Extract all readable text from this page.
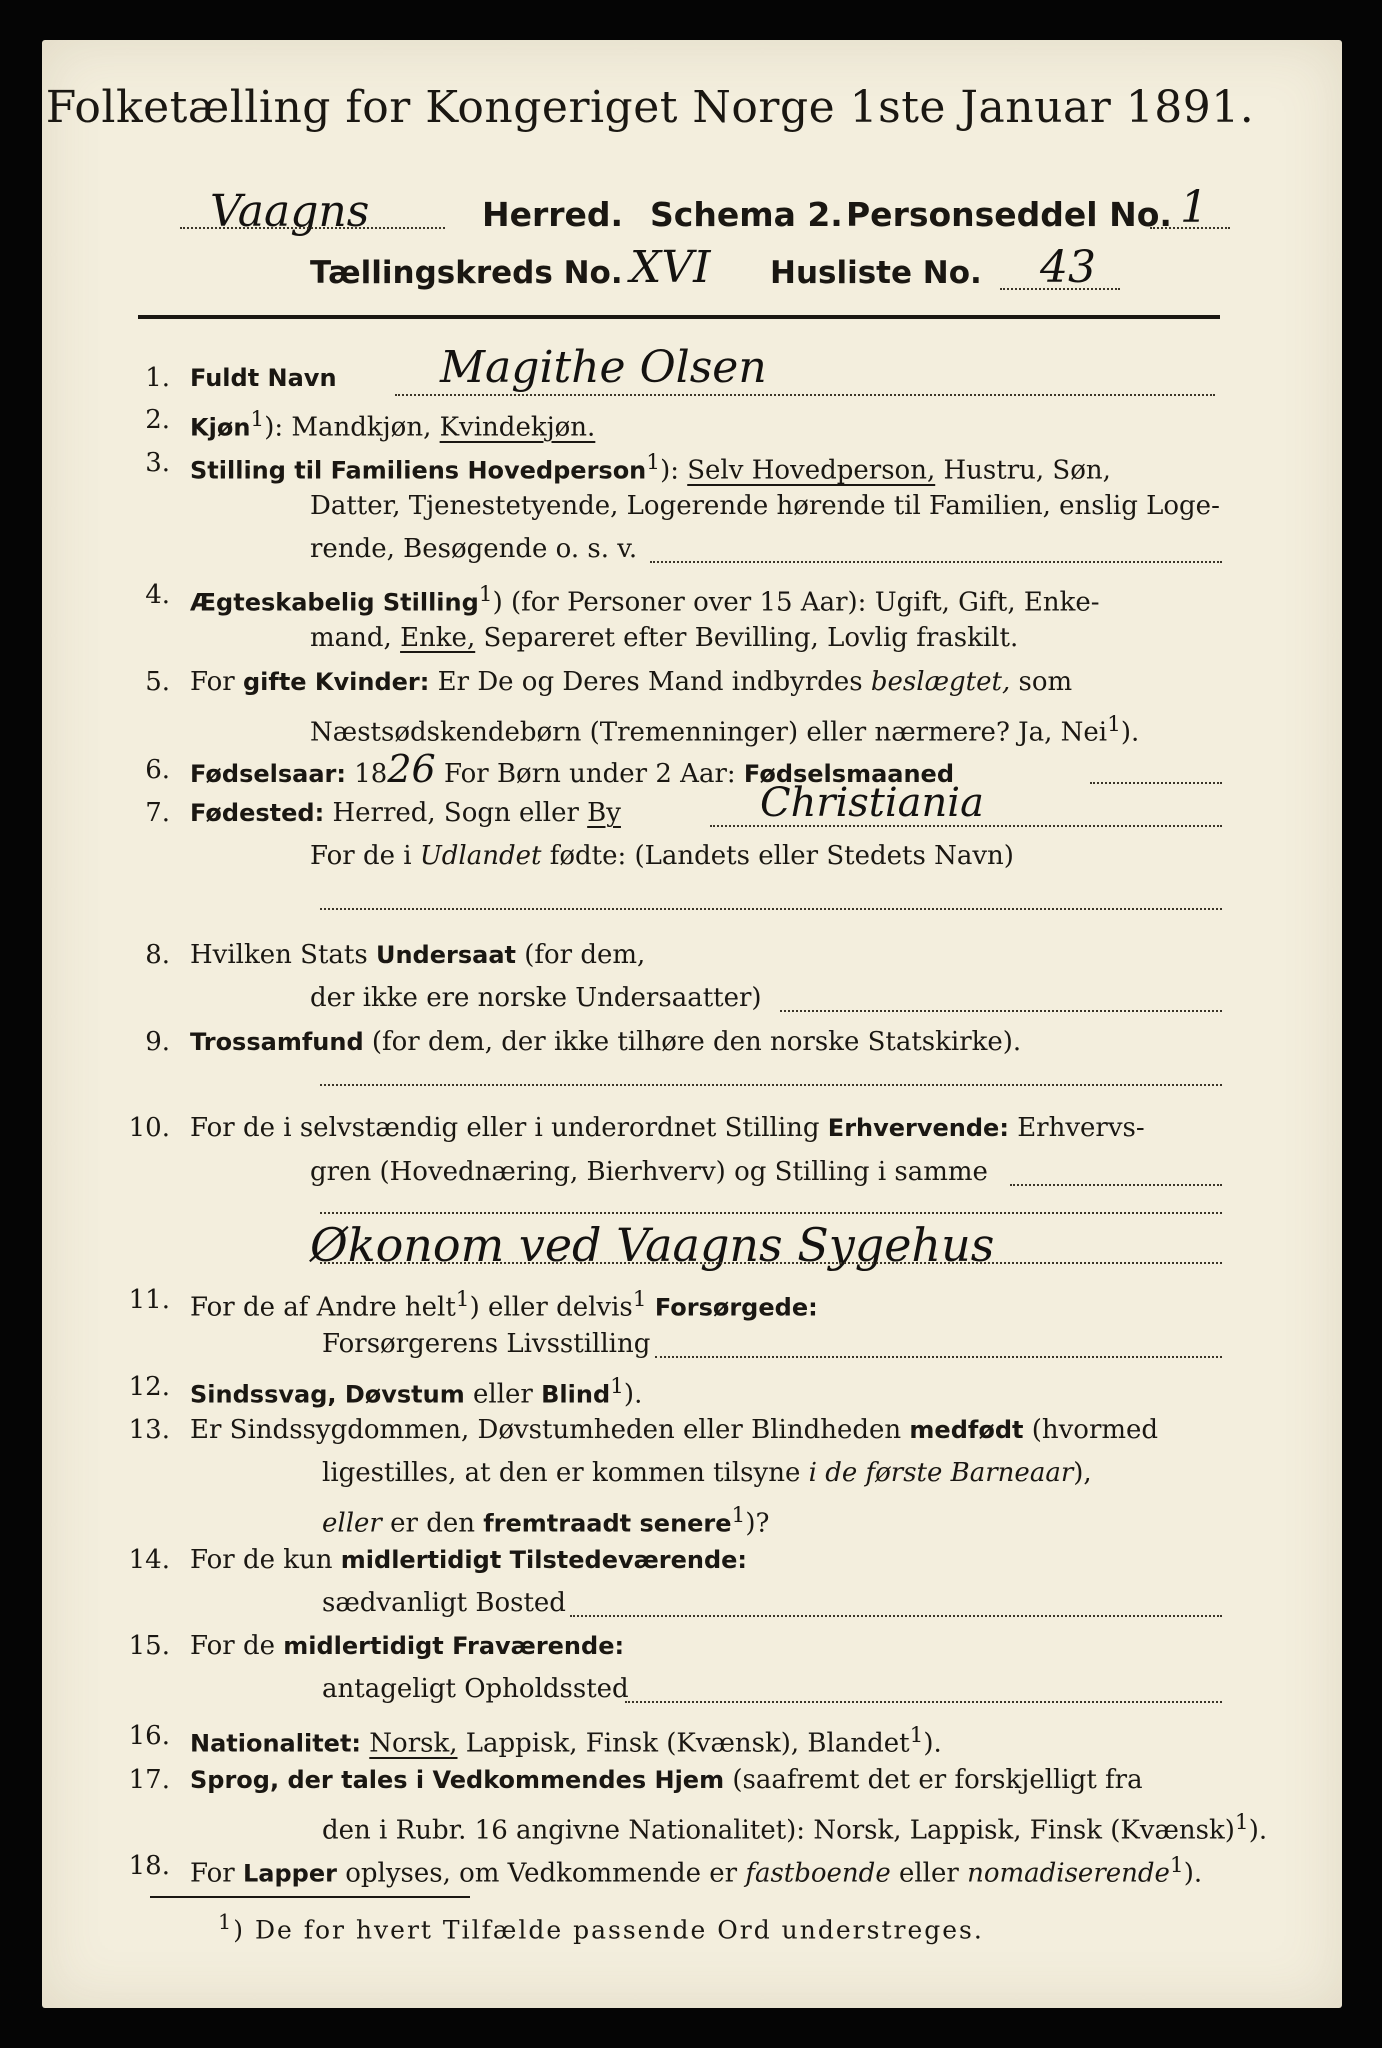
Folketælling for Kongeriget Norge 1ste Januar 1891.
Vaagns	Herred. Schema 2. Personseddel No. 1
Tællingskreds No. XVI Husliste No. 43
1. Fuldt Navn Magithe Olsen
2. Kjøn$^1$): Mandkjøn, Kvindekjøn.
3. Stilling til Familiens Hovedperson$^1$): Selv Hovedperson, Hustru, Søn,
Datter, Tjenestetyende, Logerende hørende til Familien, enslig Loge-
rende, Besøgende o. s. v.
4. Ægteskabelig Stilling$^1$) (for Personer over 15 Aar): Ugift, Gift, Enke-
mand, Enke, Separeret efter Bevilling, Lovlig fraskilt.
5. For gifte Kvinder: Er De og Deres Mand indbyrdes beslægtet, som
Næstsødskendebørn (Tremenninger) eller nærmere? Ja, Nei$^1$).
6. Fødselsaar: 1826 For Børn under 2 Aar: Fødselsmaaned
7. Fødested: Herred, Sogn eller By	Christiania
For de i Udlandet fødte: (Landets eller Stedets Navn)
8. Hvilken Stats Undersaat (for dem,
der ikke ere norske Undersaatter)
9. Trossamfund (for dem, der ikke tilhøre den norske Statskirke).
10. For de i selvstændig eller i underordnet Stilling Erhvervende: Erhvervs-
gren (Hovednæring, Bierhverv) og Stilling i samme
Økonom ved Vaagns Sygehus
11. For de af Andre helt$^1$) eller delvis$^1$ Forsørgede:
Forsørgerens Livsstilling
12. Sindssvag, Døvstum eller Blind$^1$).
13. Er Sindssygdommen, Døvstumheden eller Blindheden medfødt (hvormed
ligestilles, at den er kommen tilsyne i de første Barneaar),
eller er den fremtraadt senere$^1$)?
14. For de kun midlertidigt Tilstedeværende:
sædvanligt Bosted
15. For de midlertidigt Fraværende:
antageligt Opholdssted
16. Nationalitet: Norsk, Lappisk, Finsk (Kvænsk), Blandet$^1$).
17. Sprog, der tales i Vedkommendes Hjem (saafremt det er forskjelligt fra
den i Rubr. 16 angivne Nationalitet): Norsk, Lappisk, Finsk (Kvænsk)$^1$).
18. For Lapper oplyses, om Vedkommende er fastboende eller nomadiserende$^1$).
$^1$) De for hvert Tilfælde passende Ord understreges.
